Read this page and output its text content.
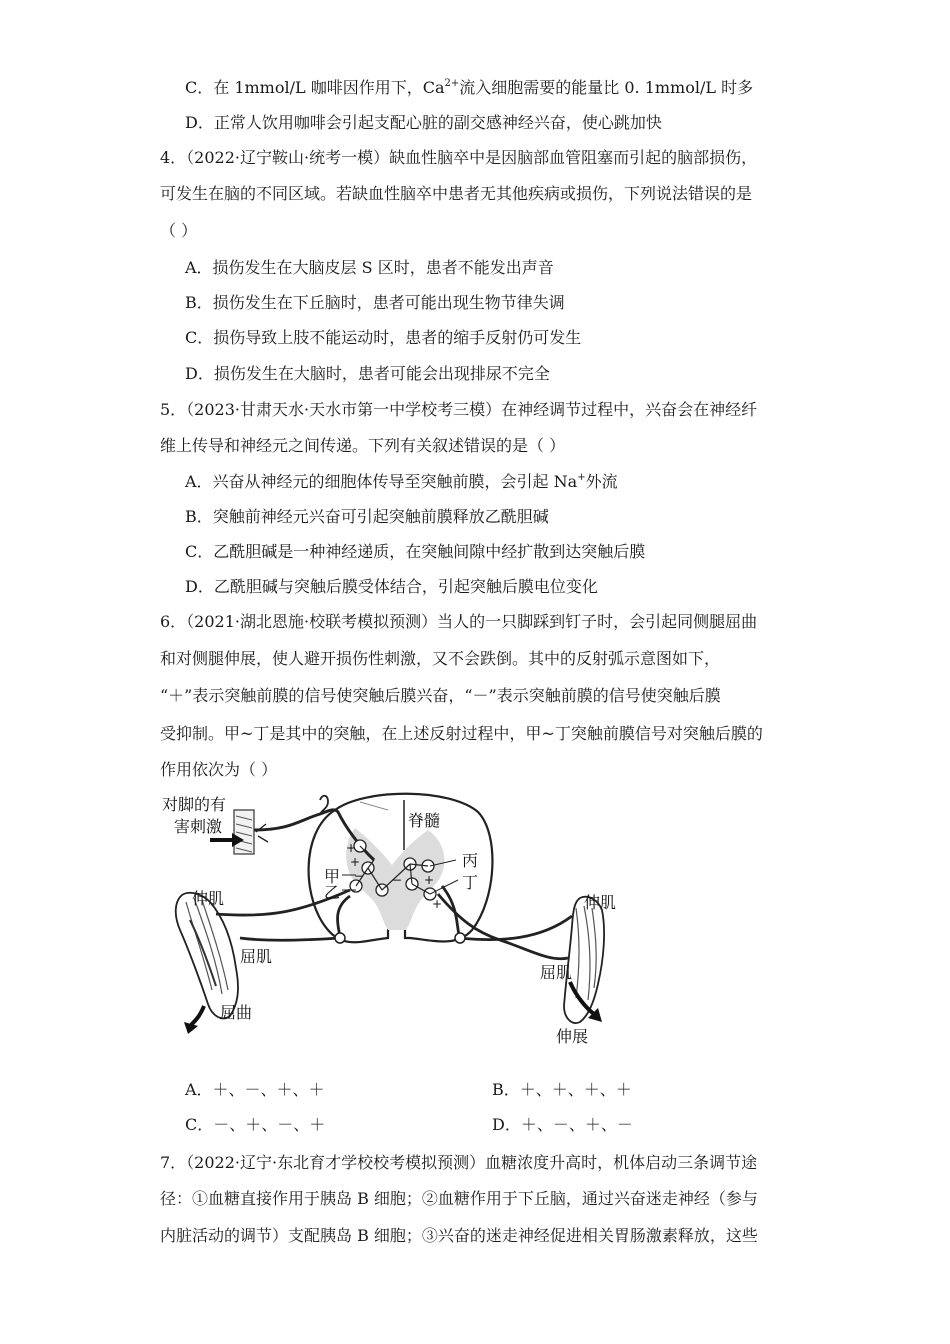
C．在 1mmol/L 咖啡因作用下，$Ca^{2+}$流入细胞需要的能量比 0. 1mmol/L 时多
D．正常人饮用咖啡会引起支配心脏的副交感神经兴奋，使心跳加快
4．（2022·辽宁鞍山·统考一模）缺血性脑卒中是因脑部血管阻塞而引起的脑部损伤，
可发生在脑的不同区域。若缺血性脑卒中患者无其他疾病或损伤，下列说法错误的是
（ ）
A．损伤发生在大脑皮层 S 区时，患者不能发出声音
B．损伤发生在下丘脑时，患者可能出现生物节律失调
C．损伤导致上肢不能运动时，患者的缩手反射仍可发生
D．损伤发生在大脑时，患者可能会出现排尿不完全
5．（2023·甘肃天水·天水市第一中学校考三模）在神经调节过程中，兴奋会在神经纤
维上传导和神经元之间传递。下列有关叙述错误的是（ ）
A．兴奋从神经元的细胞体传导至突触前膜，会引起 Na+外流
B．突触前神经元兴奋可引起突触前膜释放乙酰胆碱
C．乙酰胆碱是一种神经递质，在突触间隙中经扩散到达突触后膜
D．乙酰胆碱与突触后膜受体结合，引起突触后膜电位变化
6．（2021·湖北恩施·校联考模拟预测）当人的一只脚踩到钉子时，会引起同侧腿屈曲
和对侧腿伸展，使人避开损伤性刺激，又不会跌倒。其中的反射弧示意图如下，
“＋”表示突触前膜的信号使突触后膜兴奋，“－”表示突触前膜的信号使突触后膜
受抑制。甲~丁是其中的突触，在上述反射过程中，甲~丁突触前膜信号对突触后膜的
作用依次为（ ）
+
+
− − +
+
对脚的有
害刺激	脊髓
甲
乙
丙
丁
伸肌
屈肌
屈曲
伸肌
屈肌
伸展
A．＋、－、＋、＋	B．＋、＋、＋、＋
C．－、＋、－、＋	D．＋、－、＋、－
7．（2022·辽宁·东北育才学校校考模拟预测）血糖浓度升高时，机体启动三条调节途
径：①血糖直接作用于胰岛 B 细胞；②血糖作用于下丘脑，通过兴奋迷走神经（参与
内脏活动的调节）支配胰岛 B 细胞；③兴奋的迷走神经促进相关胃肠激素释放，这些
